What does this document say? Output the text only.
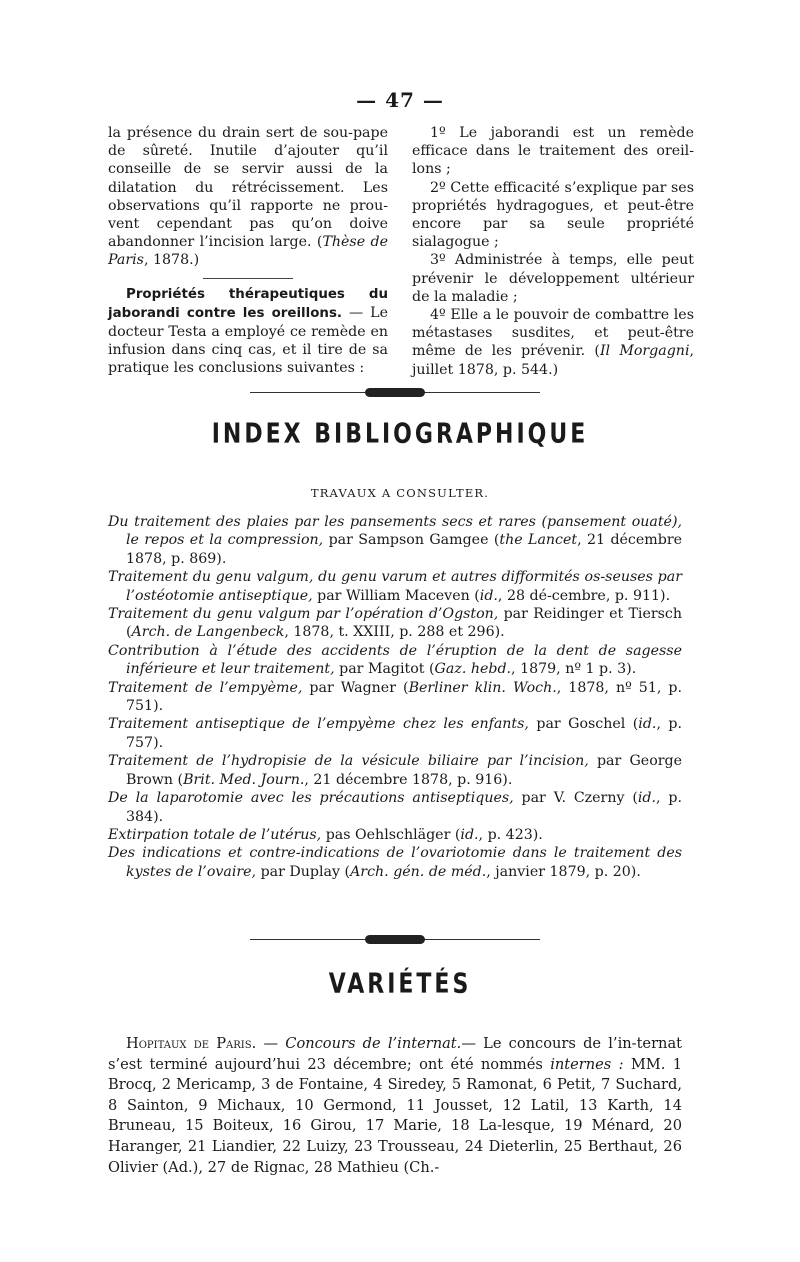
— 47 —

la présence du drain sert de sou-pape de sûreté. Inutile d’ajouter qu’il conseille de se servir aussi de la dilatation du rétrécissement. Les observations qu’il rapporte ne prou-vent cependant pas qu’on doive abandonner l’incision large. (Thèse de Paris, 1878.)

Propriétés thérapeutiques du jaborandi contre les oreillons. — Le docteur Testa a employé ce remède en infusion dans cinq cas, et il tire de sa pratique les conclusions suivantes :

1º Le jaborandi est un remède efficace dans le traitement des oreil-lons ;

2º Cette efficacité s’explique par ses propriétés hydragogues, et peut-être encore par sa seule propriété sialagogue ;

3º Administrée à temps, elle peut prévenir le développement ultérieur de la maladie ;

4º Elle a le pouvoir de combattre les métastases susdites, et peut-être même de les prévenir. (Il Morgagni, juillet 1878, p. 544.)

INDEX BIBLIOGRAPHIQUE
TRAVAUX A CONSULTER.

Du traitement des plaies par les pansements secs et rares (pansement ouaté), le repos et la compression, par Sampson Gamgee (the Lancet, 21 décembre 1878, p. 869).

Traitement du genu valgum, du genu varum et autres difformités os-seuses par l’ostéotomie antiseptique, par William Maceven (id., 28 dé-cembre, p. 911).

Traitement du genu valgum par l’opération d’Ogston, par Reidinger et Tiersch (Arch. de Langenbeck, 1878, t. XXIII, p. 288 et 296).

Contribution à l’étude des accidents de l’éruption de la dent de sagesse inférieure et leur traitement, par Magitot (Gaz. hebd., 1879, nº 1 p. 3).

Traitement de l’empyème, par Wagner (Berliner klin. Woch., 1878, nº 51, p. 751).

Traitement antiseptique de l’empyème chez les enfants, par Goschel (id., p. 757).

Traitement de l’hydropisie de la vésicule biliaire par l’incision, par George Brown (Brit. Med. Journ., 21 décembre 1878, p. 916).

De la laparotomie avec les précautions antiseptiques, par V. Czerny (id., p. 384).

Extirpation totale de l’utérus, pas Oehlschläger (id., p. 423).

Des indications et contre-indications de l’ovariotomie dans le traitement des kystes de l’ovaire, par Duplay (Arch. gén. de méd., janvier 1879, p. 20).

VARIÉTÉS

Hopitaux de Paris. — Concours de l’internat.— Le concours de l’in-ternat s’est terminé aujourd’hui 23 décembre; ont été nommés internes : MM. 1 Brocq, 2 Mericamp, 3 de Fontaine, 4 Siredey, 5 Ramonat, 6 Petit, 7 Suchard, 8 Sainton, 9 Michaux, 10 Germond, 11 Jousset, 12 Latil, 13 Karth, 14 Bruneau, 15 Boiteux, 16 Girou, 17 Marie, 18 La-lesque, 19 Ménard, 20 Haranger, 21 Liandier, 22 Luizy, 23 Trousseau, 24 Dieterlin, 25 Berthaut, 26 Olivier (Ad.), 27 de Rignac, 28 Mathieu (Ch.-
